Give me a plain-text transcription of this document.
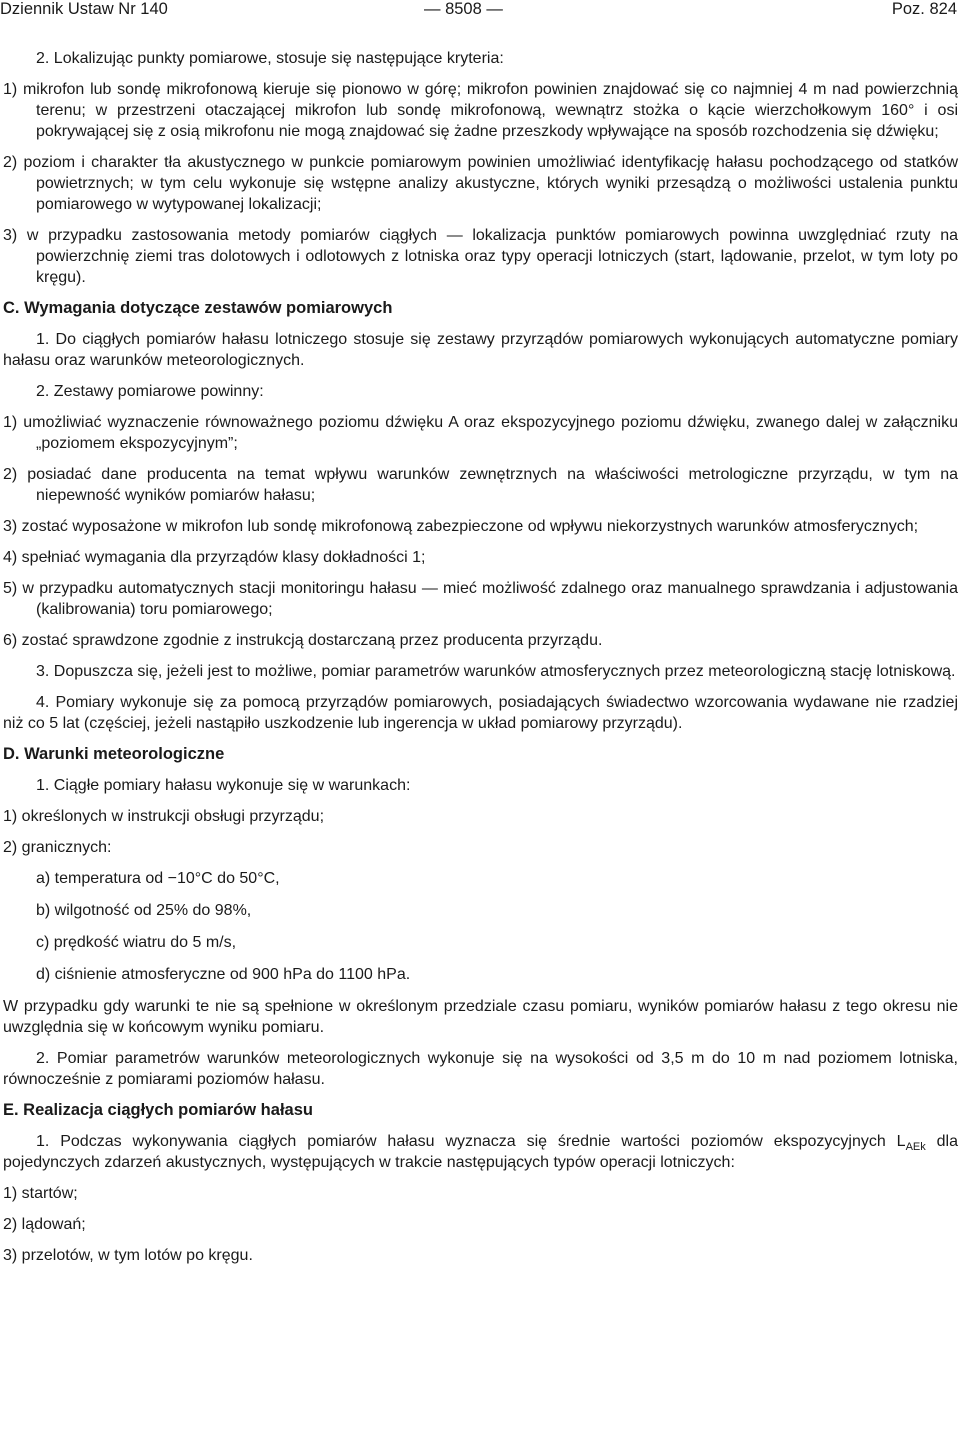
Dziennik Ustaw Nr 140	— 8508 —	Poz. 824

2. Lokalizując punkty pomiarowe, stosuje się następujące kryteria:

1) mikrofon lub sondę mikrofonową kieruje się pionowo w górę; mikrofon powinien znajdować się co najmniej 4 m nad powierzchnią terenu; w przestrzeni otaczającej mikrofon lub sondę mikrofonową, wewnątrz stożka o kącie wierzchołkowym 160° i osi pokrywającej się z osią mikrofonu nie mogą znajdować się żadne przeszkody wpływające na sposób rozchodzenia się dźwięku;

2) poziom i charakter tła akustycznego w punkcie pomiarowym powinien umożliwiać identyfikację hałasu pochodzącego od statków powietrznych; w tym celu wykonuje się wstępne analizy akustyczne, których wyniki przesądzą o możliwości ustalenia punktu pomiarowego w wytypowanej lokalizacji;

3) w przypadku zastosowania metody pomiarów ciągłych — lokalizacja punktów pomiarowych powinna uwzględniać rzuty na powierzchnię ziemi tras dolotowych i odlotowych z lotniska oraz typy operacji lotniczych (start, lądowanie, przelot, w tym loty po kręgu).

C. Wymagania dotyczące zestawów pomiarowych

1. Do ciągłych pomiarów hałasu lotniczego stosuje się zestawy przyrządów pomiarowych wykonujących automatyczne pomiary hałasu oraz warunków meteorologicznych.

2. Zestawy pomiarowe powinny:

1) umożliwiać wyznaczenie równoważnego poziomu dźwięku A oraz ekspozycyjnego poziomu dźwięku, zwanego dalej w załączniku „poziomem ekspozycyjnym”;

2) posiadać dane producenta na temat wpływu warunków zewnętrznych na właściwości metrologiczne przyrządu, w tym na niepewność wyników pomiarów hałasu;

3) zostać wyposażone w mikrofon lub sondę mikrofonową zabezpieczone od wpływu niekorzystnych warunków atmosferycznych;

4) spełniać wymagania dla przyrządów klasy dokładności 1;

5) w przypadku automatycznych stacji monitoringu hałasu — mieć możliwość zdalnego oraz manualnego sprawdzania i adjustowania (kalibrowania) toru pomiarowego;

6) zostać sprawdzone zgodnie z instrukcją dostarczaną przez producenta przyrządu.

3. Dopuszcza się, jeżeli jest to możliwe, pomiar parametrów warunków atmosferycznych przez meteorologiczną stację lotniskową.

4. Pomiary wykonuje się za pomocą przyrządów pomiarowych, posiadających świadectwo wzorcowania wydawane nie rzadziej niż co 5 lat (częściej, jeżeli nastąpiło uszkodzenie lub ingerencja w układ pomiarowy przyrządu).

D. Warunki meteorologiczne

1. Ciągłe pomiary hałasu wykonuje się w warunkach:

1) określonych w instrukcji obsługi przyrządu;

2) granicznych:

a) temperatura od −10°C do 50°C,

b) wilgotność od 25% do 98%,

c) prędkość wiatru do 5 m/s,

d) ciśnienie atmosferyczne od 900 hPa do 1100 hPa.

W przypadku gdy warunki te nie są spełnione w określonym przedziale czasu pomiaru, wyników pomiarów hałasu z tego okresu nie uwzględnia się w końcowym wyniku pomiaru.

2. Pomiar parametrów warunków meteorologicznych wykonuje się na wysokości od 3,5 m do 10 m nad poziomem lotniska, równocześnie z pomiarami poziomów hałasu.

E. Realizacja ciągłych pomiarów hałasu

1. Podczas wykonywania ciągłych pomiarów hałasu wyznacza się średnie wartości poziomów ekspozycyjnych $L_{AEk}$ dla pojedynczych zdarzeń akustycznych, występujących w trakcie następujących typów operacji lotniczych:

1) startów;

2) lądowań;

3) przelotów, w tym lotów po kręgu.
